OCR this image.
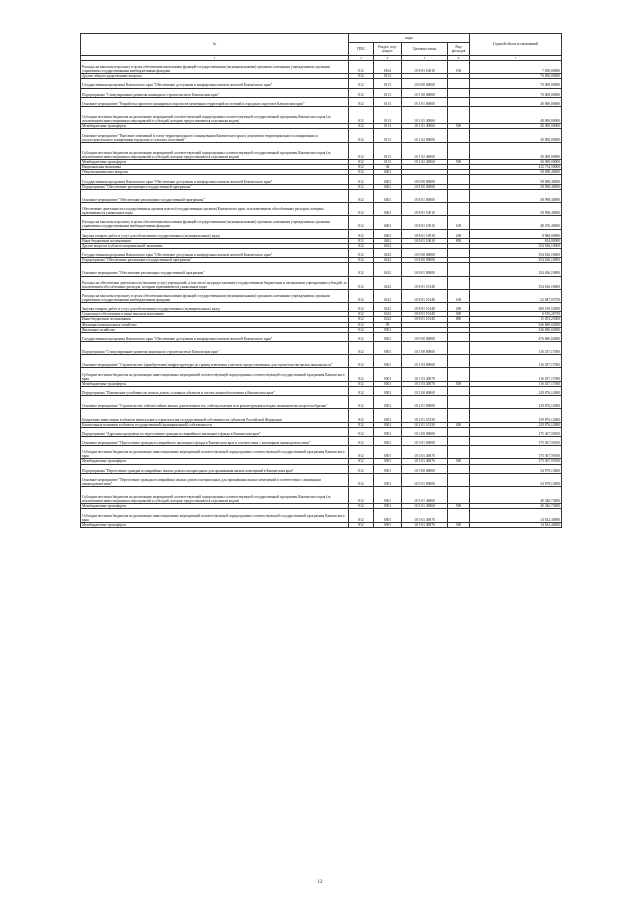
№	коды				Годовой объем ассигнований
	ГРБС	Раздел, под-раздел	Целевая статья	Вид расходов	
1	3	4	5	6	7
Расходы на выплаты персоналу в целях обеспечения выполнения функций государственными (муниципальными) органами, казенными учреждениями, органами управления государственными внебюджетными фондами	812	0104	10 8 01 10010	100	7 050,00000
Другие общегосударственные вопросы	812	0113			70 000,00000
Государственная программа Камчатского края "Обеспечение доступным и комфортным жильем жителей Камчатского края"	812	0113	10 0 00 00000		70 000,00000
Подпрограмма "Стимулирование развития жилищного строительства в Камчатском крае"	812	0113	10 1 00 00000		70 000,00000
Основное мероприятие "Разработка проектов планировки и проектов межевания территорий поселений и городских округов в Камчатском крае"	812	0113	10 1 01 00000		40 000,00000
Субсидии местным бюджетам на реализацию мероприятий соответствующей подпрограммы соответствующей государственной программы Камчатского края (за исключением инвестиционных мероприятий и субсидий, которые предоставляются отдельным кодом)	812	0113	10 1 01 40060		40 000,00000
Межбюджетные трансферты	812	0113	10 1 01 40060	500	40 000,00000
Основное мероприятие "Внесение изменений в схему территориального планирования Камчатского края и документы территориального планирования и градостроительного зонирования городских и сельских поселений"	812	0113	10 1 02 00000		30 000,00000
Субсидии местным бюджетам на реализацию мероприятий соответствующей подпрограммы соответствующей государственной программы Камчатского края (за исключением инвестиционных мероприятий и субсидий, которые предоставляются отдельным кодом)	812	0113	10 1 02 40060		30 000,00000
Межбюджетные трансферты	812	0113	10 1 02 40060	500	30 000,00000
Национальная экономика	812	04			412 734,50000
Общеэкономические вопросы	812	0401			58 098,40000
Государственная программа Камчатского края "Обеспечение доступным и комфортным жильем жителей Камчатского края"	812	0401	10 0 00 00000		58 098,40000
Подпрограмма "Обеспечение реализации государственной программы"	812	0401	10 8 00 00000		58 098,40000
Основное мероприятие "Обеспечение реализации государственной программы"	812	0401	10 8 01 00000		58 098,40000
Обеспечение деятельности государственных органов власти (государственных органов) Камчатского края, за исключением обособленных расходов, которым присваиваются уникальные коды	812	0401	10 8 01 10010		58 098,40000
Расходы на выплаты персоналу в целях обеспечения выполнения функций государственными (муниципальными) органами, казенными учреждениями, органами управления государственными внебюджетными фондами	812	0401	10 8 01 10010	100	48 476,40000
Закупка товаров, работ и услуг для обеспечения государственных (муниципальных) нужд	812	0401	10 8 01 10010	200	8 968,00000
Иные бюджетные ассигнования	812	0401	10 8 01 10010	800	654,00000
Другие вопросы в области национальной экономики	812	0412			354 636,10000
Государственная программа Камчатского края "Обеспечение доступным и комфортным жильем жителей Камчатского края"	812	0412	10 0 00 00000		354 636,10000
Подпрограмма "Обеспечение реализации государственной программы"	812	0412	10 8 00 00000		354 636,10000
Основное мероприятие "Обеспечение реализации государственной программы"	812	0412	10 8 01 00000		354 636,10000
Расходы на обеспечение деятельности (оказание услуг) учреждений, в том числе на предоставление государственным бюджетным и автономным учреждениям субсидий, за исключением обособленных расходов, которым присваиваются уникальные коды	812	0412	10 8 01 10140		354 636,10000
Расходы на выплаты персоналу в целях обеспечения выполнения функций государственными (муниципальными) органами, казенными учреждениями, органами управления государственными внебюджетными фондами	812	0412	10 8 01 10140	100	52 487,03750
Закупка товаров, работ и услуг для обеспечения государственных (муниципальных) нужд	812	0412	10 8 01 10140	200	280 419,54500
Социальное обеспечение и иные выплаты населению	812	0412	10 8 01 10140	300	6 676,26750
Иные бюджетные ассигнования	812	0412	10 8 01 10140	800	15 053,25000
Жилищно-коммунальное хозяйство	812	05			546 680,02000
Жилищное хозяйство	812	0501			546 680,02000
Государственная программа Камчатского края "Обеспечение доступным и комфортным жильем жителей Камчатского края"	812	0501	10 0 00 00000		476 680,02000
Подпрограмма "Стимулирование развития жилищного строительства в Камчатском крае"	812	0501	10 1 00 00000		116 457,17000
Основное мероприятие "Строительство (приобретение) инфраструктуры до границ земельных участков, предоставленных для строительства жилья экономкласса"	812	0501	10 1 03 00000		116 457,17000
Субсидии местным бюджетам на реализацию инвестиционных мероприятий соответствующей подпрограммы соответствующей государственной программы Камчатского края	812	0501	10 1 03 40070		116 457,17000
Межбюджетные трансферты	812	0501	10 1 03 40070	500	116 457,17000
Подпрограмма "Повышение устойчивости жилых домов, основных объектов и систем жизнеобеспечения в Камчатском крае"	812	0501	10 2 00 00000		129 876,12000
Основное мероприятие "Строительство сейсмостойких жилых домов взамен тех, сейсмоусиление или реконструкция которых экономически нецелесообразны"	812	0501	10 2 01 00000		129 876,12000
Бюджетные инвестиции в объекты капитального строительства государственной собственности субъектов Российской Федерации	812	0501	10 2 01 10130		129 876,12000
Капитальные вложения в объекты государственной (муниципальной) собственности	812	0501	10 2 01 10130	400	129 876,12000
Подпрограмма "Адресная программа по переселению граждан из аварийного жилищного фонда в Камчатском крае"	812	0501	10 3 00 00000		175 367,59100
Основное мероприятие "Переселение граждан из аварийного жилищного фонда в Камчатском крае в соответствии с жилищным законодательством"	812	0501	10 3 01 00000		175 367,59100
Субсидии местным бюджетам на реализацию инвестиционных мероприятий соответствующей подпрограммы соответствующей государственной программы Камчатского края	812	0501	10 3 01 40070		175 367,59100
Межбюджетные трансферты	812	0501	10 3 01 40070	500	175 367,59100
Подпрограмма "Переселение граждан из аварийных жилых домов и непригодных для проживания жилых помещений в Камчатском крае"	812	0501	10 5 00 00000		54 979,13000
Основное мероприятие "Переселение граждан из аварийных жилых домов и непригодных для проживания жилых помещений в соответствии с жилищным законодательством"	812	0501	10 5 01 00000		54 979,13000
Субсидии местным бюджетам на реализацию мероприятий соответствующей подпрограммы соответствующей государственной программы Камчатского края (за исключением инвестиционных мероприятий и субсидий, которые предоставляются отдельным кодом)	812	0501	10 5 01 40060		40 346,73000
Межбюджетные трансферты	812	0501	10 5 01 40060	500	40 346,73000
Субсидии местным бюджетам на реализацию инвестиционных мероприятий соответствующей подпрограммы соответствующей государственной программы Камчатского края	812	0501	10 5 01 40070		14 632,40000
Межбюджетные трансферты	812	0501	10 5 01 40070	500	14 632,40000
12
